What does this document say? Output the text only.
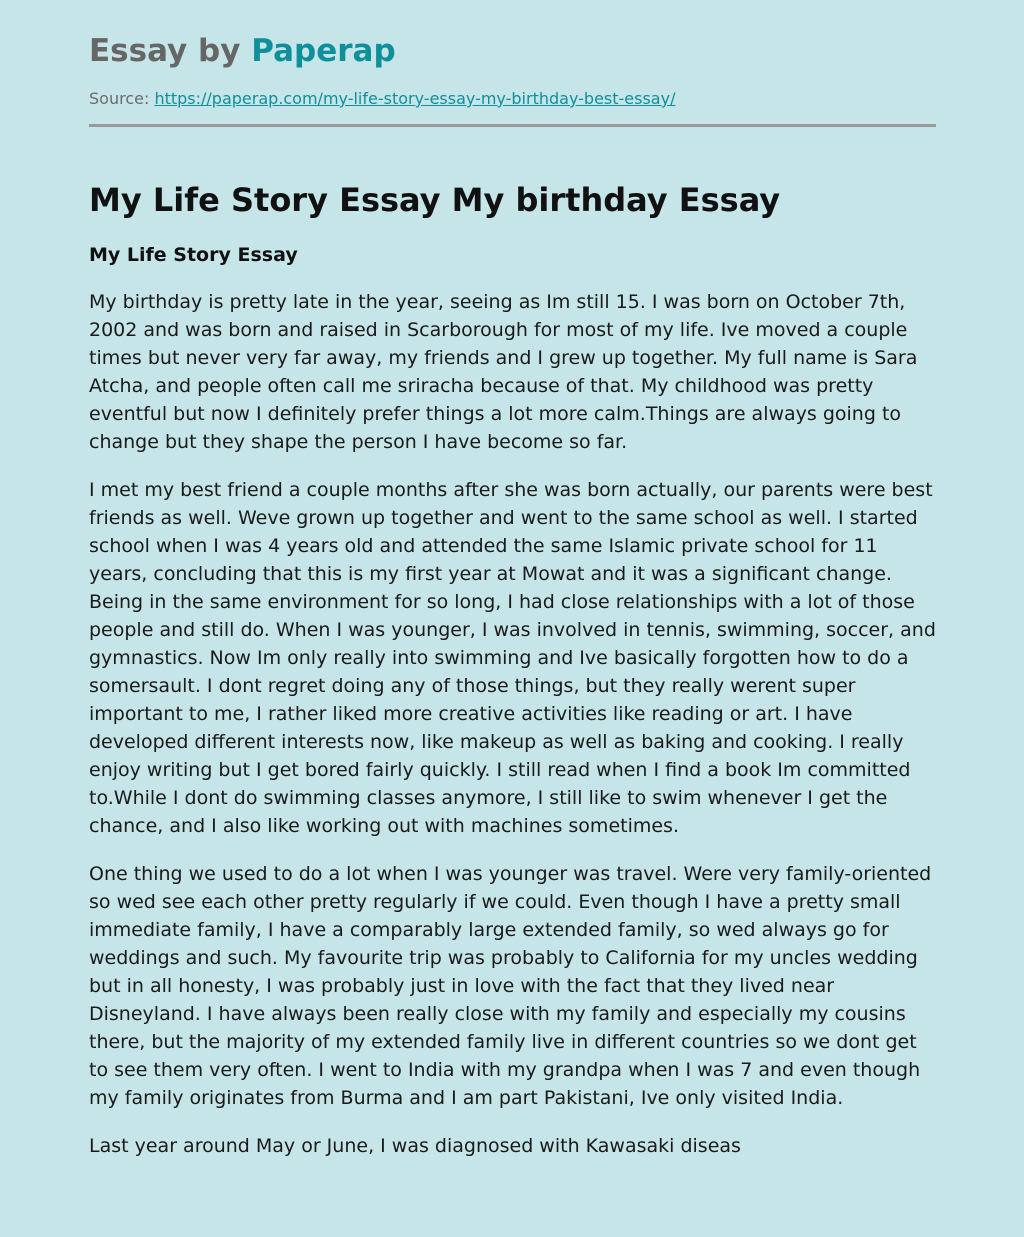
Essay by Paperap
Source: https://paperap.com/my-life-story-essay-my-birthday-best-essay/
My Life Story Essay My birthday Essay
My Life Story Essay

My birthday is pretty late in the year, seeing as Im still 15. I was born on October 7th, 2002 and was born and raised in Scarborough for most of my life. Ive moved a couple times but never very far away, my friends and I grew up together. My full name is Sara Atcha, and people often call me sriracha because of that. My childhood was pretty eventful but now I definitely prefer things a lot more calm.Things are always going to change but they shape the person I have become so far.

I met my best friend a couple months after she was born actually, our parents were best friends as well. Weve grown up together and went to the same school as well. I started school when I was 4 years old and attended the same Islamic private school for 11 years, concluding that this is my first year at Mowat and it was a significant change. Being in the same environment for so long, I had close relationships with a lot of those people and still do. When I was younger, I was involved in tennis, swimming, soccer, and gymnastics. Now Im only really into swimming and Ive basically forgotten how to do a somersault. I dont regret doing any of those things, but they really werent super important to me, I rather liked more creative activities like reading or art. I have developed different interests now, like makeup as well as baking and cooking. I really enjoy writing but I get bored fairly quickly. I still read when I find a book Im committed to.While I dont do swimming classes anymore, I still like to swim whenever I get the chance, and I also like working out with machines sometimes.

One thing we used to do a lot when I was younger was travel. Were very family-oriented so wed see each other pretty regularly if we could. Even though I have a pretty small immediate family, I have a comparably large extended family, so wed always go for weddings and such. My favourite trip was probably to California for my uncles wedding but in all honesty, I was probably just in love with the fact that they lived near Disneyland. I have always been really close with my family and especially my cousins there, but the majority of my extended family live in different countries so we dont get to see them very often. I went to India with my grandpa when I was 7 and even though my family originates from Burma and I am part Pakistani, Ive only visited India.

Last year around May or June, I was diagnosed with Kawasaki diseas
